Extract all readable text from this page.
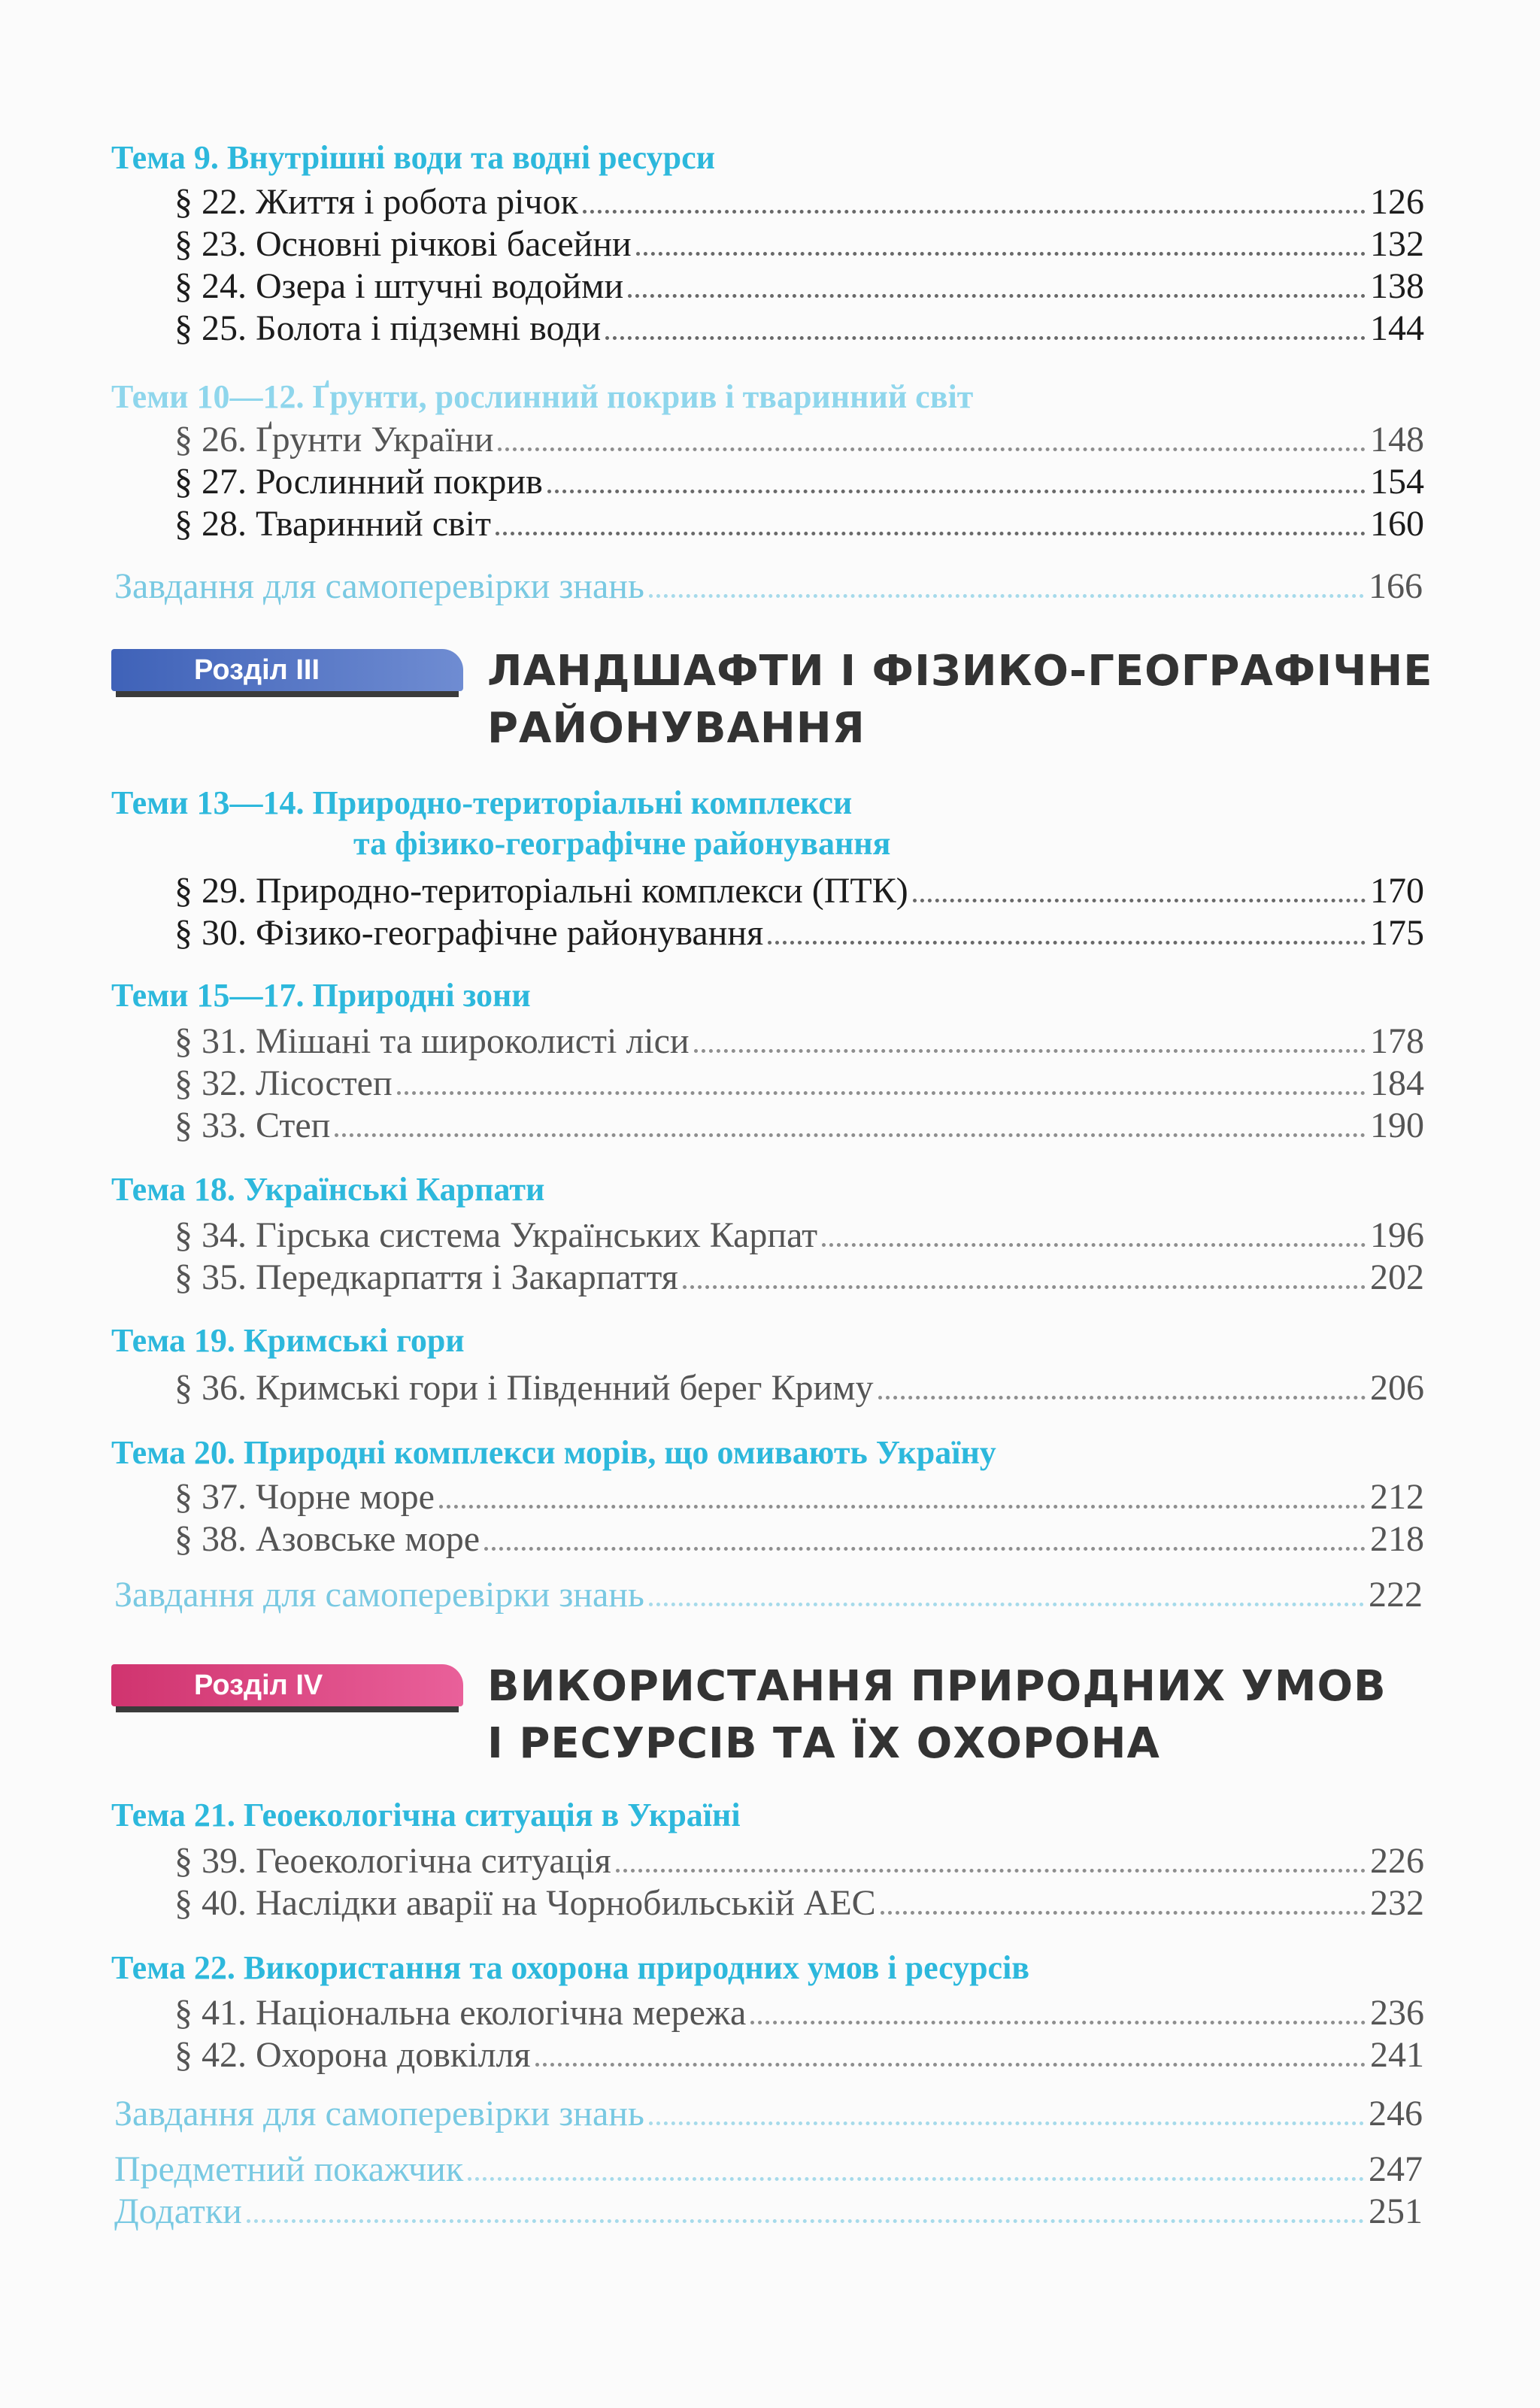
Тема 9. Внутрішні води та водні ресурси
§ 22. Життя і робота річок	126
§ 23. Основні річкові басейни	132
§ 24. Озера і штучні водойми	138
§ 25. Болота і підземні води	144
Теми 10—12. Ґрунти, рослинний покрив і тваринний світ
§ 26. Ґрунти України	148
§ 27. Рослинний покрив	154
§ 28. Тваринний світ	160
Завдання для самоперевірки знань	166
Розділ III	ЛАНДШАФТИ І ФІЗИКО-ГЕОГРАФІЧНЕ
РАЙОНУВАННЯ
Теми 13—14. Природно-територіальні комплекси
та фізико-географічне районування
§ 29. Природно-територіальні комплекси (ПТК)	170
§ 30. Фізико-географічне районування	175
Теми 15—17. Природні зони
§ 31. Мішані та широколисті ліси	178
§ 32. Лісостеп	184
§ 33. Степ	190
Тема 18. Українські Карпати
§ 34. Гірська система Українських Карпат	196
§ 35. Передкарпаття і Закарпаття	202
Тема 19. Кримські гори
§ 36. Кримські гори і Південний берег Криму	206
Тема 20. Природні комплекси морів, що омивають Україну
§ 37. Чорне море	212
§ 38. Азовське море	218
Завдання для самоперевірки знань	222
Розділ IV	ВИКОРИСТАННЯ ПРИРОДНИХ УМОВ
І РЕСУРСІВ ТА ЇХ ОХОРОНА
Тема 21. Геоекологічна ситуація в Україні
§ 39. Геоекологічна ситуація	226
§ 40. Наслідки аварії на Чорнобильській АЕС	232
Тема 22. Використання та охорона природних умов і ресурсів
§ 41. Національна екологічна мережа	236
§ 42. Охорона довкілля	241
Завдання для самоперевірки знань	246
Предметний покажчик	247
Додатки	251
